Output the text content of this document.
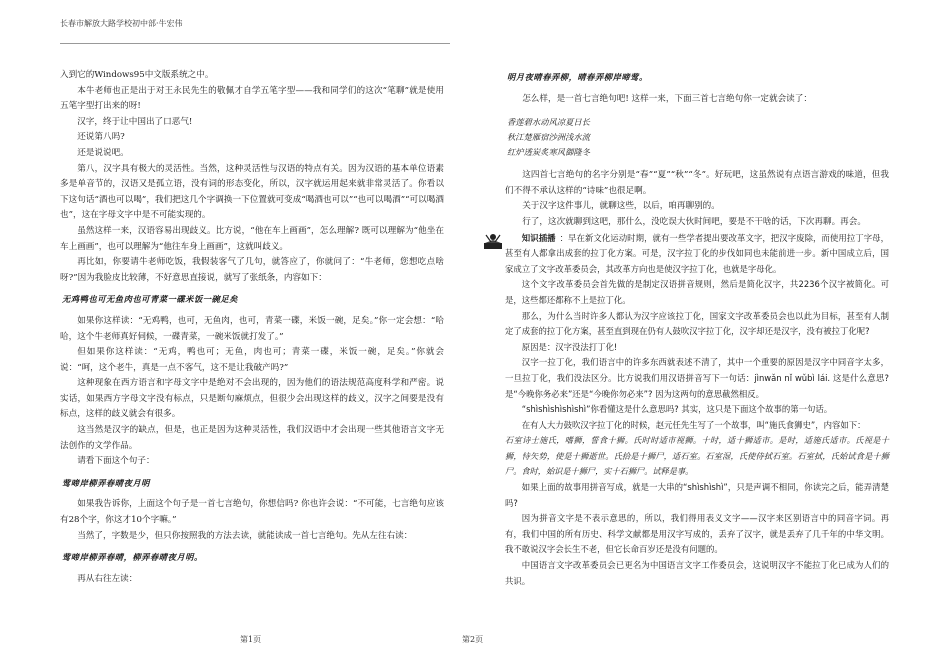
长春市解放大路学校初中部·牛宏伟

入到它的Windows95中文版系统之中。

本牛老师也正是出于对王永民先生的敬佩才自学五笔字型——我和同学们的这次“笔聊”就是使用五笔字型打出来的呀!

汉字，终于让中国出了口恶气!

还说第八吗?

还是说说吧。

第八，汉字具有极大的灵活性。当然，这种灵活性与汉语的特点有关。因为汉语的基本单位语素多是单音节的，汉语又是孤立语，没有词的形态变化，所以，汉字就运用起来就非常灵活了。你看以下这句话“酒也可以喝”，我们把这几个字调换一下位置就可变成“喝酒也可以”“也可以喝酒”“可以喝酒也”，这在字母文字中是不可能实现的。

虽然这样一来，汉语容易出现歧义。比方说，“他在车上画画”，怎么理解? 既可以理解为“他坐在车上画画”，也可以理解为“他往车身上画画”，这就叫歧义。

再比如，你要请牛老师吃饭，我假装客气了几句，就答应了，你就问了：“牛老师，您想吃点啥呀?”因为我脸皮比较薄，不好意思直接说，就写了张纸条，内容如下：

无鸡鸭也可无鱼肉也可青菜一碟米饭一碗足矣

如果你这样读：“无鸡鸭，也可，无鱼肉，也可，青菜一碟，米饭一碗，足矣。”你一定会想：“哈哈，这个牛老师真好伺候，一碟青菜，一碗米饭就打发了。”

但如果你这样读：“无鸡，鸭也可；无鱼，肉也可；青菜一碟，米饭一碗，足矣。”你就会说：“呵，这个老牛，真是一点不客气，这不是让我破产吗?”

这种现象在西方语言和字母文字中是绝对不会出现的，因为他们的语法规范高度科学和严密。说实话，如果西方字母文字没有标点，只是断句麻烦点，但很少会出现这样的歧义，汉字之间要是没有标点，这样的歧义就会有很多。

这当然是汉字的缺点，但是，也正是因为这种灵活性，我们汉语中才会出现一些其他语言文字无法创作的文学作品。

请看下面这个句子：

莺啼岸柳弄春晴夜月明

如果我告诉你，上面这个句子是一首七言绝句，你想信吗? 你也许会说：“不可能，七言绝句应该有28个字，你这才10个字嘛。”

当然了，字数是少，但只你按照我的方法去读，就能读成一首七言绝句。先从左往右读：

莺啼岸柳弄春晴，柳弄春晴夜月明。

再从右往左读：

明月夜晴春弄柳，晴春弄柳岸啼莺。

怎么样，是一首七言绝句吧! 这样一来，下面三首七言绝句你一定就会读了：

香莲碧水动风凉夏日长

秋江楚雁宿沙洲浅水流

红炉透炭炙寒风御隆冬

这四首七言绝句的名字分别是“春”“夏”“秋”“冬”。好玩吧，这虽然说有点语言游戏的味道，但我们不得不承认这样的“诗味”也很足啊。

关于汉字这件事儿，就聊这些，以后，咱再聊别的。

行了，这次就聊到这吧，那什么，没吃误大伙时间吧，要是不干啥的话，下次再聊。再会。

知识插播 ：早在新文化运动时期，就有一些学者提出要改革文字，把汉字废除，而使用拉丁字母，甚至有人都拿出成套的拉丁化方案。可是，汉字拉丁化的步伐如同也未能前进一步。新中国成立后，国家成立了文字改革委员会，其改革方向也是使汉字拉丁化，也就是字母化。

这个文字改革委员会首先做的是制定汉语拼音规则，然后是简化汉字，共2236个汉字被简化。可是，这些都还都称不上是拉丁化。

那么，为什么当时许多人都认为汉字应该拉丁化，国家文字改革委员会也以此为目标，甚至有人制定了成套的拉丁化方案，甚至直到现在仍有人鼓吹汉字拉丁化，汉字却还是汉字，没有被拉丁化呢?

原因是：汉字没法打丁化!

汉字一拉丁化，我们语言中的许多东西就表述不清了，其中一个重要的原因是汉字中同音字太多，一旦拉丁化，我们没法区分。比方说我们用汉语拼音写下一句话：jìnwǎn nǐ wǔbì lái. 这是什么意思? 是“今晚你务必来”还是“今晚你勿必来”? 因为这两句的意思截然相反。

“shìshìshìshìshì”你看懂这是什么意思吗? 其实，这只是下面这个故事的第一句话。

在有人大力鼓吹汉字拉丁化的时候，赵元任先生写了一个故事，叫“施氏食狮史”，内容如下：

石室诗士施氏，嗜狮，誓食十狮。氏时时适市视狮。十时，适十狮适市。是时，适施氏适市。氏视是十狮，恃矢势，使是十狮逝世。氏拾是十狮尸，适石室。石室湿，氏使侍拭石室。石室拭，氏始试食是十狮尸。食时，始识是十狮尸，实十石狮尸。试释是事。

如果上面的故事用拼音写成，就是一大串的“shìshìshì”，只是声调不相同，你读完之后，能弄清楚吗?

因为拼音文字是不表示意思的，所以，我们得用表义文字——汉字来区别语言中的同音字词。再有，我们中国的所有历史、科学文献都是用汉字写成的，丢弃了汉字，就是丢弃了几千年的中华文明。我不敢说汉字会长生不老，但它长命百岁还是没有问题的。

中国语言文字改革委员会已更名为中国语言文字工作委员会，这说明汉字不能拉丁化已成为人们的共识。

第1页	第2页
